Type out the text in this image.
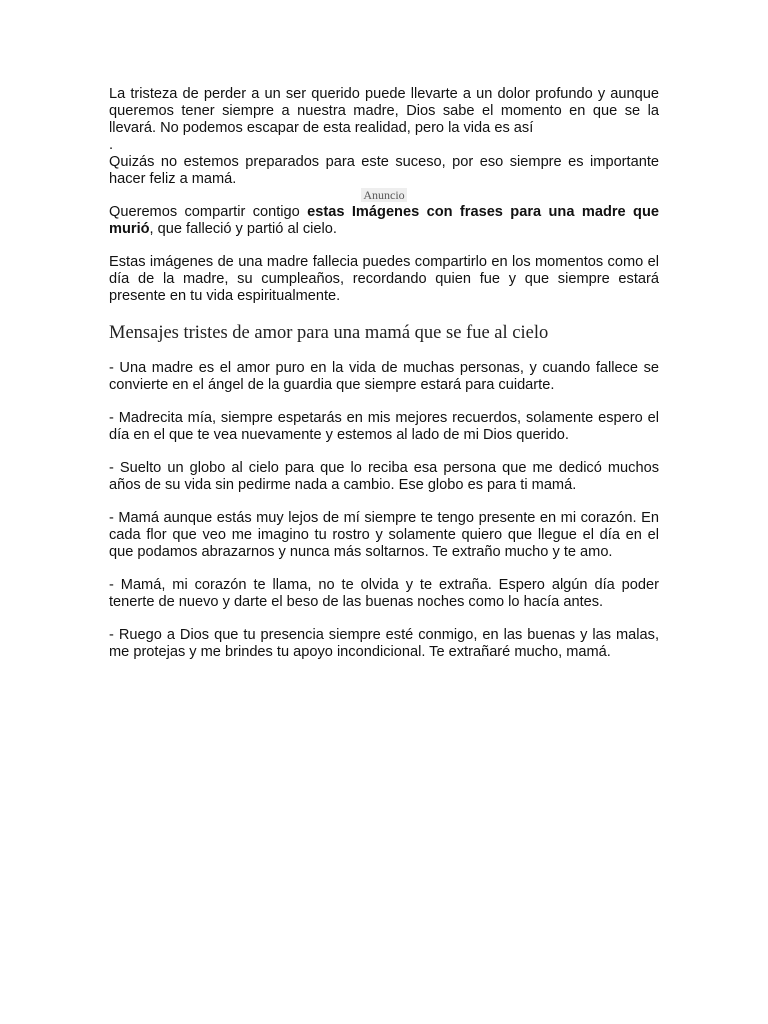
La tristeza de perder a un ser querido puede llevarte a un dolor profundo y aunque queremos tener siempre a nuestra madre, Dios sabe el momento en que se la llevará. No podemos escapar de esta realidad, pero la vida es así

.

Quizás no estemos preparados para este suceso, por eso siempre es importante hacer feliz a mamá.

Anuncio

Queremos compartir contigo estas Imágenes con frases para una madre que murió, que falleció y partió al cielo.

Estas imágenes de una madre fallecia puedes compartirlo en los momentos como el día de la madre, su cumpleaños, recordando quien fue y que siempre estará presente en tu vida espiritualmente.

Mensajes tristes de amor para una mamá que se fue al cielo

- Una madre es el amor puro en la vida de muchas personas, y cuando fallece se convierte en el ángel de la guardia que siempre estará para cuidarte.

- Madrecita mía, siempre espetarás en mis mejores recuerdos, solamente espero el día en el que te vea nuevamente y estemos al lado de mi Dios querido.

- Suelto un globo al cielo para que lo reciba esa persona que me dedicó muchos años de su vida sin pedirme nada a cambio. Ese globo es para ti mamá.

- Mamá aunque estás muy lejos de mí siempre te tengo presente en mi corazón. En cada flor que veo me imagino tu rostro y solamente quiero que llegue el día en el que podamos abrazarnos y nunca más soltarnos. Te extraño mucho y te amo.

- Mamá, mi corazón te llama, no te olvida y te extraña. Espero algún día poder tenerte de nuevo y darte el beso de las buenas noches como lo hacía antes.

- Ruego a Dios que tu presencia siempre esté conmigo, en las buenas y las malas, me protejas y me brindes tu apoyo incondicional. Te extrañaré mucho, mamá.
